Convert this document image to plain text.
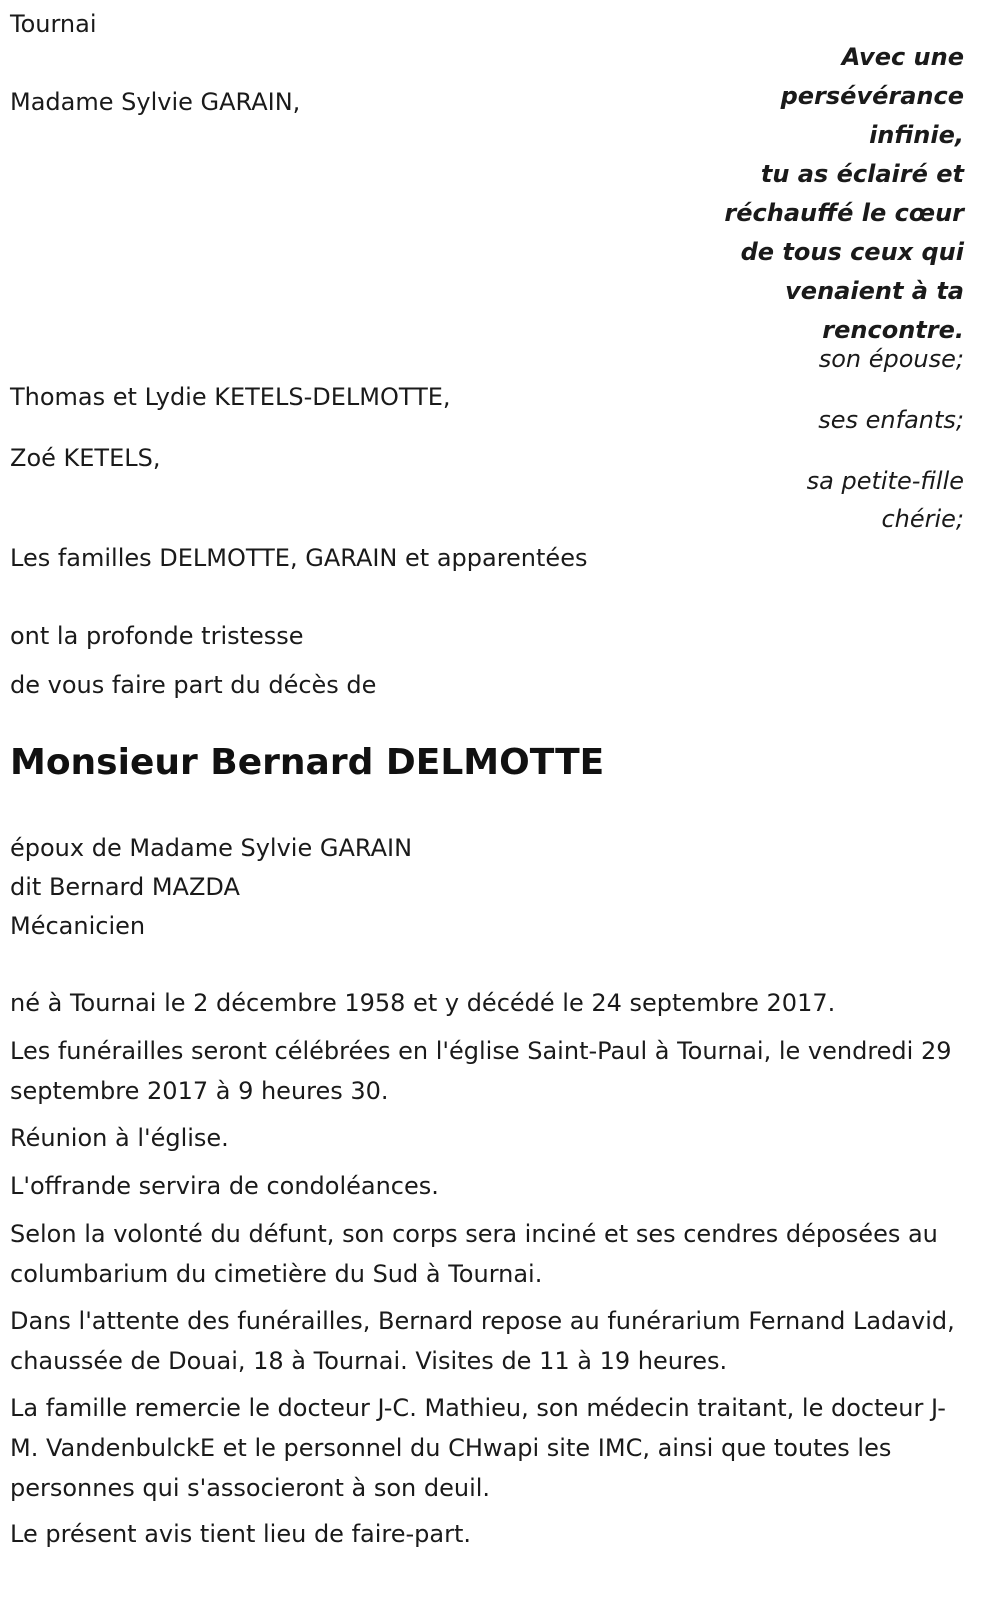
Tournai

Avec une
persévérance
infinie,
tu as éclairé et
réchauffé le cœur
de tous ceux qui
venaient à ta
rencontre.

Madame Sylvie GARAIN,

son épouse;

Thomas et Lydie KETELS-DELMOTTE,

ses enfants;

Zoé KETELS,

sa petite-fille chérie;

Les familles DELMOTTE, GARAIN et apparentées

ont la profonde tristesse

de vous faire part du décès de

Monsieur Bernard DELMOTTE

époux de Madame Sylvie GARAIN

dit Bernard MAZDA

Mécanicien

né à Tournai le 2 décembre 1958 et y décédé le 24 septembre 2017.

Les funérailles seront célébrées en l'église Saint-Paul à Tournai, le vendredi 29 septembre 2017 à 9 heures 30.

Réunion à l'église.

L'offrande servira de condoléances.

Selon la volonté du défunt, son corps sera inciné et ses cendres déposées au columbarium du cimetière du Sud à Tournai.

Dans l'attente des funérailles, Bernard repose au funérarium Fernand Ladavid, chaussée de Douai, 18 à Tournai. Visites de 11 à 19 heures.

La famille remercie le docteur J-C. Mathieu, son médecin traitant, le docteur J-M. VandenbulckE et le personnel du CHwapi site IMC, ainsi que toutes les personnes qui s'associeront à son deuil.

Le présent avis tient lieu de faire-part.
